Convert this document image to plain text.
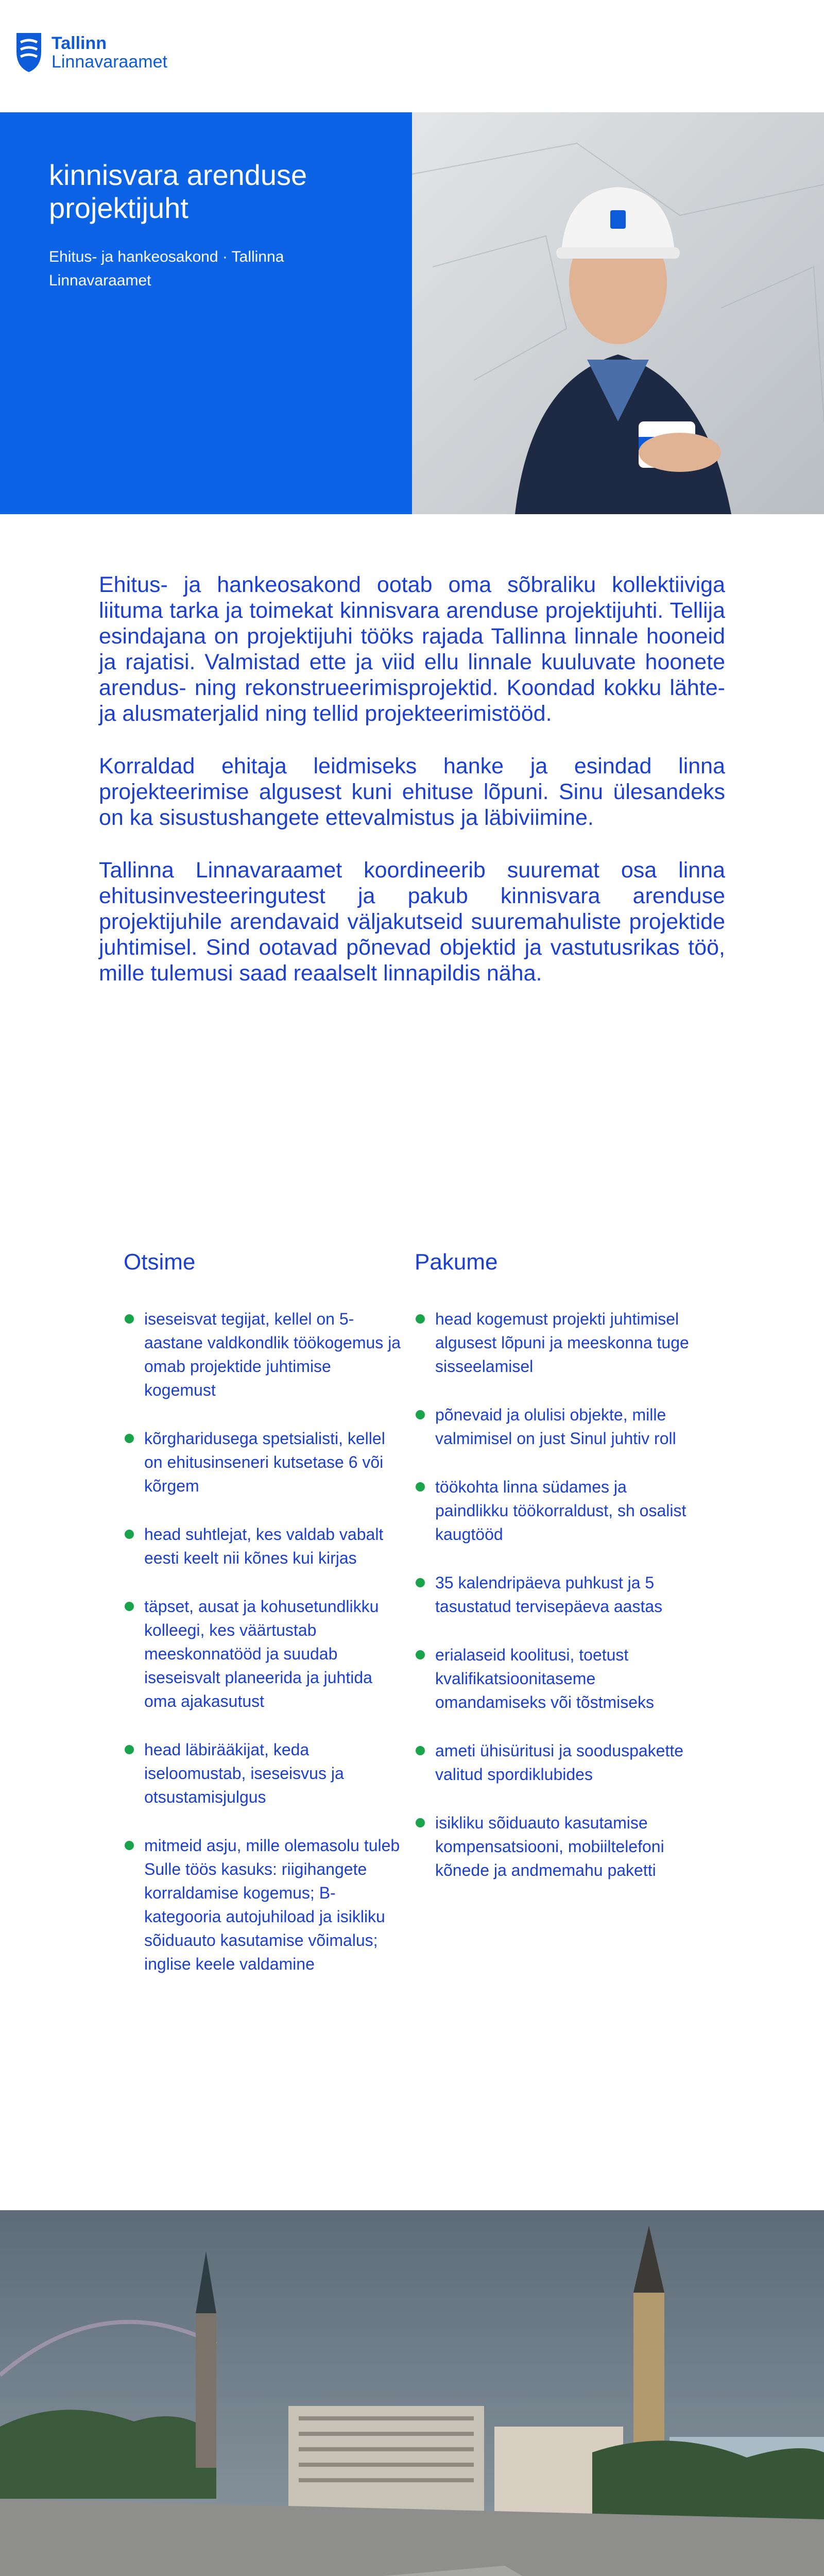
Tallinn
Linnavaraamet
kinnisvara arenduse projektijuht
Ehitus- ja hankeosakond · Tallinna Linnavaraamet

Ehitus- ja hankeosakond ootab oma sõbraliku kollektiiviga liituma tarka ja toimekat kinnisvara arenduse projektijuhti. Tellija esindajana on projektijuhi tööks rajada Tallinna linnale hooneid ja rajatisi. Valmistad ette ja viid ellu linnale kuuluvate hoonete arendus- ning rekonstrueerimisprojektid. Koondad kokku lähte- ja alusmaterjalid ning tellid projekteerimistööd.

Korraldad ehitaja leidmiseks hanke ja esindad linna projekteerimise algusest kuni ehituse lõpuni. Sinu ülesandeks on ka sisustushangete ettevalmistus ja läbiviimine.

Tallinna Linnavaraamet koordineerib suuremat osa linna ehitusinvesteeringutest ja pakub kinnisvara arenduse projektijuhile arendavaid väljakutseid suuremahuliste projektide juhtimisel. Sind ootavad põnevad objektid ja vastutusrikas töö, mille tulemusi saad reaalselt linnapildis näha.

Otsime
iseseisvat tegijat, kellel on 5-aastane valdkondlik töökogemus ja omab projektide juhtimise kogemust
kõrgharidusega spetsialisti, kellel on ehitusinseneri kutsetase 6 või kõrgem
head suhtlejat, kes valdab vabalt eesti keelt nii kõnes kui kirjas
täpset, ausat ja kohusetundlikku kolleegi, kes väärtustab meeskonnatööd ja suudab iseseisvalt planeerida ja juhtida oma ajakasutust
head läbirääkijat, keda iseloomustab, iseseisvus ja otsustamisjulgus
mitmeid asju, mille olemasolu tuleb Sulle töös kasuks: riigihangete korraldamise kogemus; B-kategooria autojuhiload ja isikliku sõiduauto kasutamise võimalus; inglise keele valdamine
Pakume
head kogemust projekti juhtimisel algusest lõpuni ja meeskonna tuge sisseelamisel
põnevaid ja olulisi objekte, mille valmimisel on just Sinul juhtiv roll
töökohta linna südames ja paindlikku töökorraldust, sh osalist kaugtööd
35 kalendripäeva puhkust ja 5 tasustatud tervisepäeva aastas
erialaseid koolitusi, toetust kvalifikatsioonitaseme omandamiseks või tõstmiseks
ameti ühisüritusi ja sooduspakette valitud spordiklubides
isikliku sõiduauto kasutamise kompensatsiooni, mobiiltelefoni kõnede ja andmemahu paketti
